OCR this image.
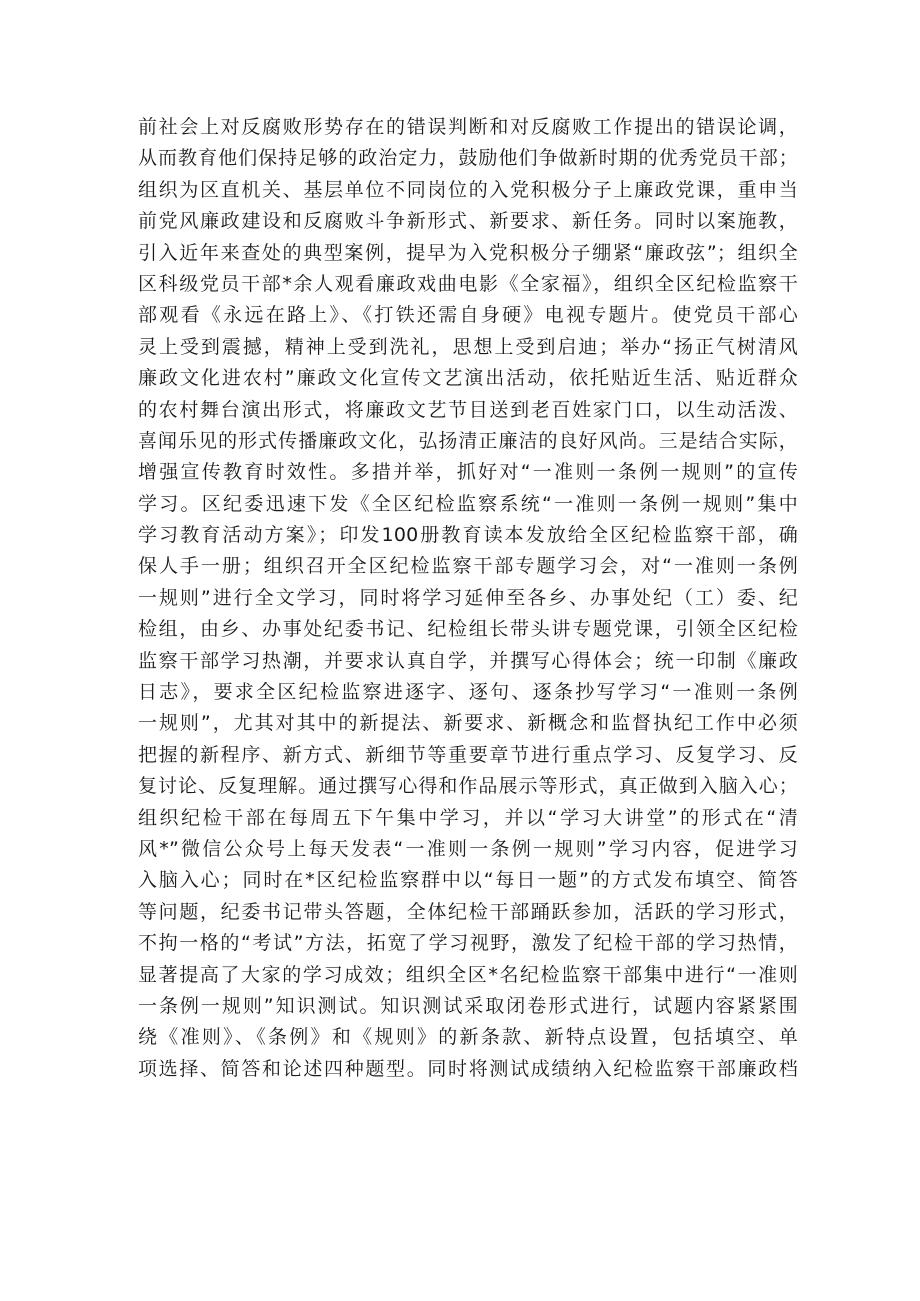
前社会上对反腐败形势存在的错误判断和对反腐败工作提出的错误论调，
从而教育他们保持足够的政治定力，鼓励他们争做新时期的优秀党员干部；
组织为区直机关、基层单位不同岗位的入党积极分子上廉政党课，重申当
前党风廉政建设和反腐败斗争新形式、新要求、新任务。同时以案施教，
引入近年来查处的典型案例，提早为入党积极分子绷紧“廉政弦”；组织全
区科级党员干部*余人观看廉政戏曲电影《全家福》，组织全区纪检监察干
部观看《永远在路上》、《打铁还需自身硬》电视专题片。使党员干部心
灵上受到震撼，精神上受到洗礼，思想上受到启迪；举办“扬正气树清风
廉政文化进农村”廉政文化宣传文艺演出活动，依托贴近生活、贴近群众
的农村舞台演出形式，将廉政文艺节目送到老百姓家门口，以生动活泼、
喜闻乐见的形式传播廉政文化，弘扬清正廉洁的良好风尚。三是结合实际，
增强宣传教育时效性。多措并举，抓好对“一准则一条例一规则”的宣传
学习。区纪委迅速下发《全区纪检监察系统“一准则一条例一规则”集中
学习教育活动方案》；印发100册教育读本发放给全区纪检监察干部，确
保人手一册；组织召开全区纪检监察干部专题学习会，对“一准则一条例
一规则”进行全文学习，同时将学习延伸至各乡、办事处纪（工）委、纪
检组，由乡、办事处纪委书记、纪检组长带头讲专题党课，引领全区纪检
监察干部学习热潮，并要求认真自学，并撰写心得体会；统一印制《廉政
日志》，要求全区纪检监察进逐字、逐句、逐条抄写学习“一准则一条例
一规则”，尤其对其中的新提法、新要求、新概念和监督执纪工作中必须
把握的新程序、新方式、新细节等重要章节进行重点学习、反复学习、反
复讨论、反复理解。通过撰写心得和作品展示等形式，真正做到入脑入心；
组织纪检干部在每周五下午集中学习，并以“学习大讲堂”的形式在“清
风*”微信公众号上每天发表“一准则一条例一规则”学习内容，促进学习
入脑入心；同时在*区纪检监察群中以“每日一题”的方式发布填空、简答
等问题，纪委书记带头答题，全体纪检干部踊跃参加，活跃的学习形式，
不拘一格的“考试”方法，拓宽了学习视野，激发了纪检干部的学习热情，
显著提高了大家的学习成效；组织全区*名纪检监察干部集中进行“一准则
一条例一规则”知识测试。知识测试采取闭卷形式进行，试题内容紧紧围
绕《准则》、《条例》和《规则》的新条款、新特点设置，包括填空、单
项选择、简答和论述四种题型。同时将测试成绩纳入纪检监察干部廉政档
